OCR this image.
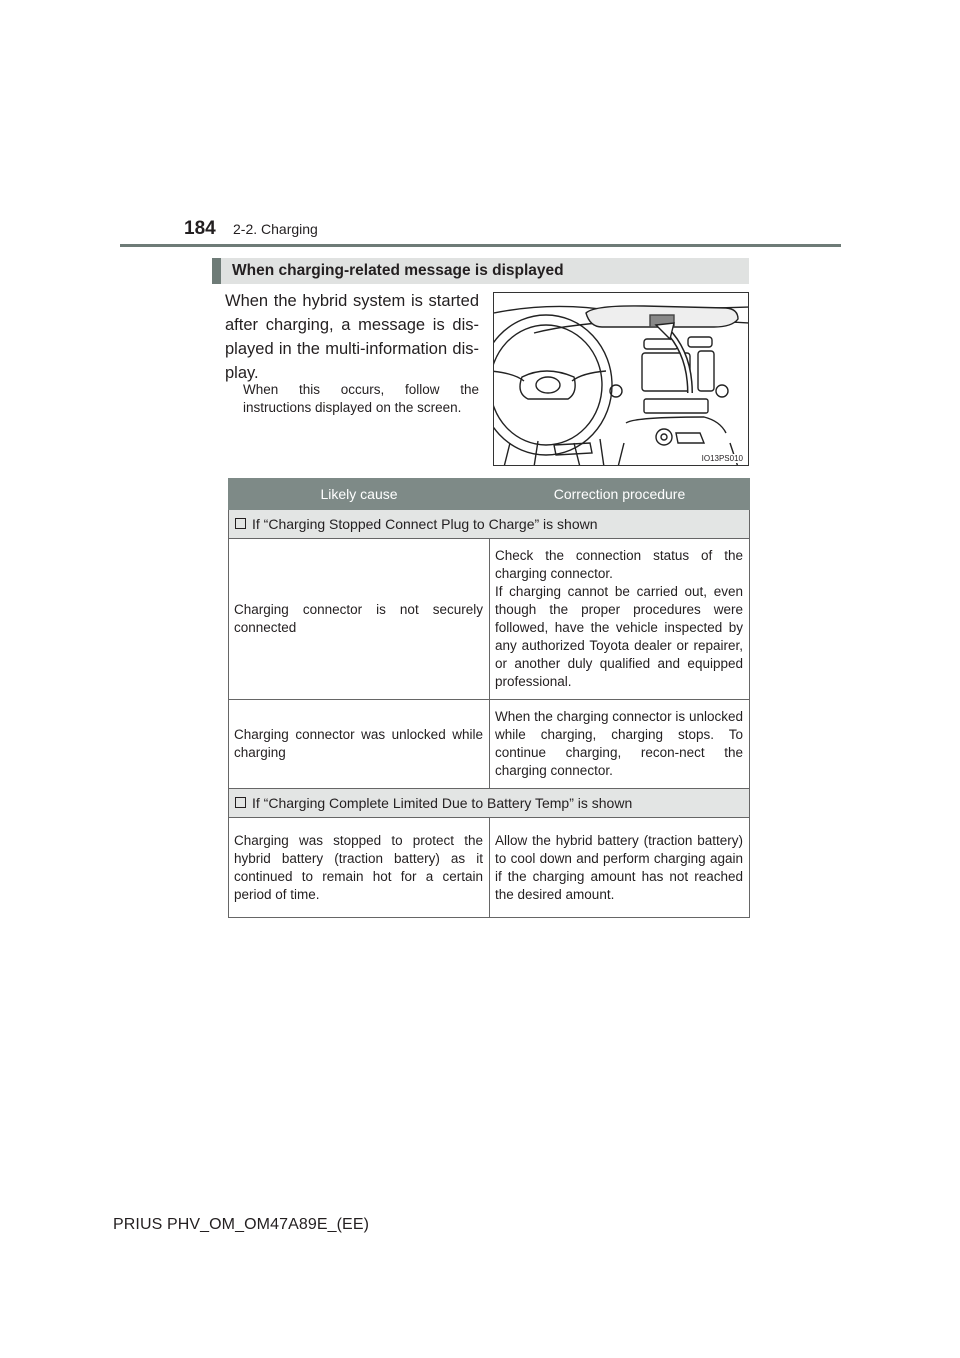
184 2-2. Charging
When charging-related message is displayed

When the hybrid system is started after charging, a message is dis-played in the multi-information dis-play.

When this occurs, follow the instructions displayed on the screen.

IO13PS010
Likely cause	Correction procedure
If “Charging Stopped Connect Plug to Charge” is shown	
Charging connector is not securely connected	Check the connection status of the charging connector.
If charging cannot be carried out, even though the proper procedures were followed, have the vehicle inspected by any authorized Toyota dealer or repairer, or another duly qualified and equipped professional.
Charging connector was unlocked while charging	When the charging connector is unlocked while charging, charging stops. To continue charging, recon-nect the charging connector.
If “Charging Complete Limited Due to Battery Temp” is shown	
Charging was stopped to protect the hybrid battery (traction battery) as it continued to remain hot for a certain period of time.	Allow the hybrid battery (traction battery) to cool down and perform charging again if the charging amount has not reached the desired amount.
PRIUS PHV_OM_OM47A89E_(EE)
